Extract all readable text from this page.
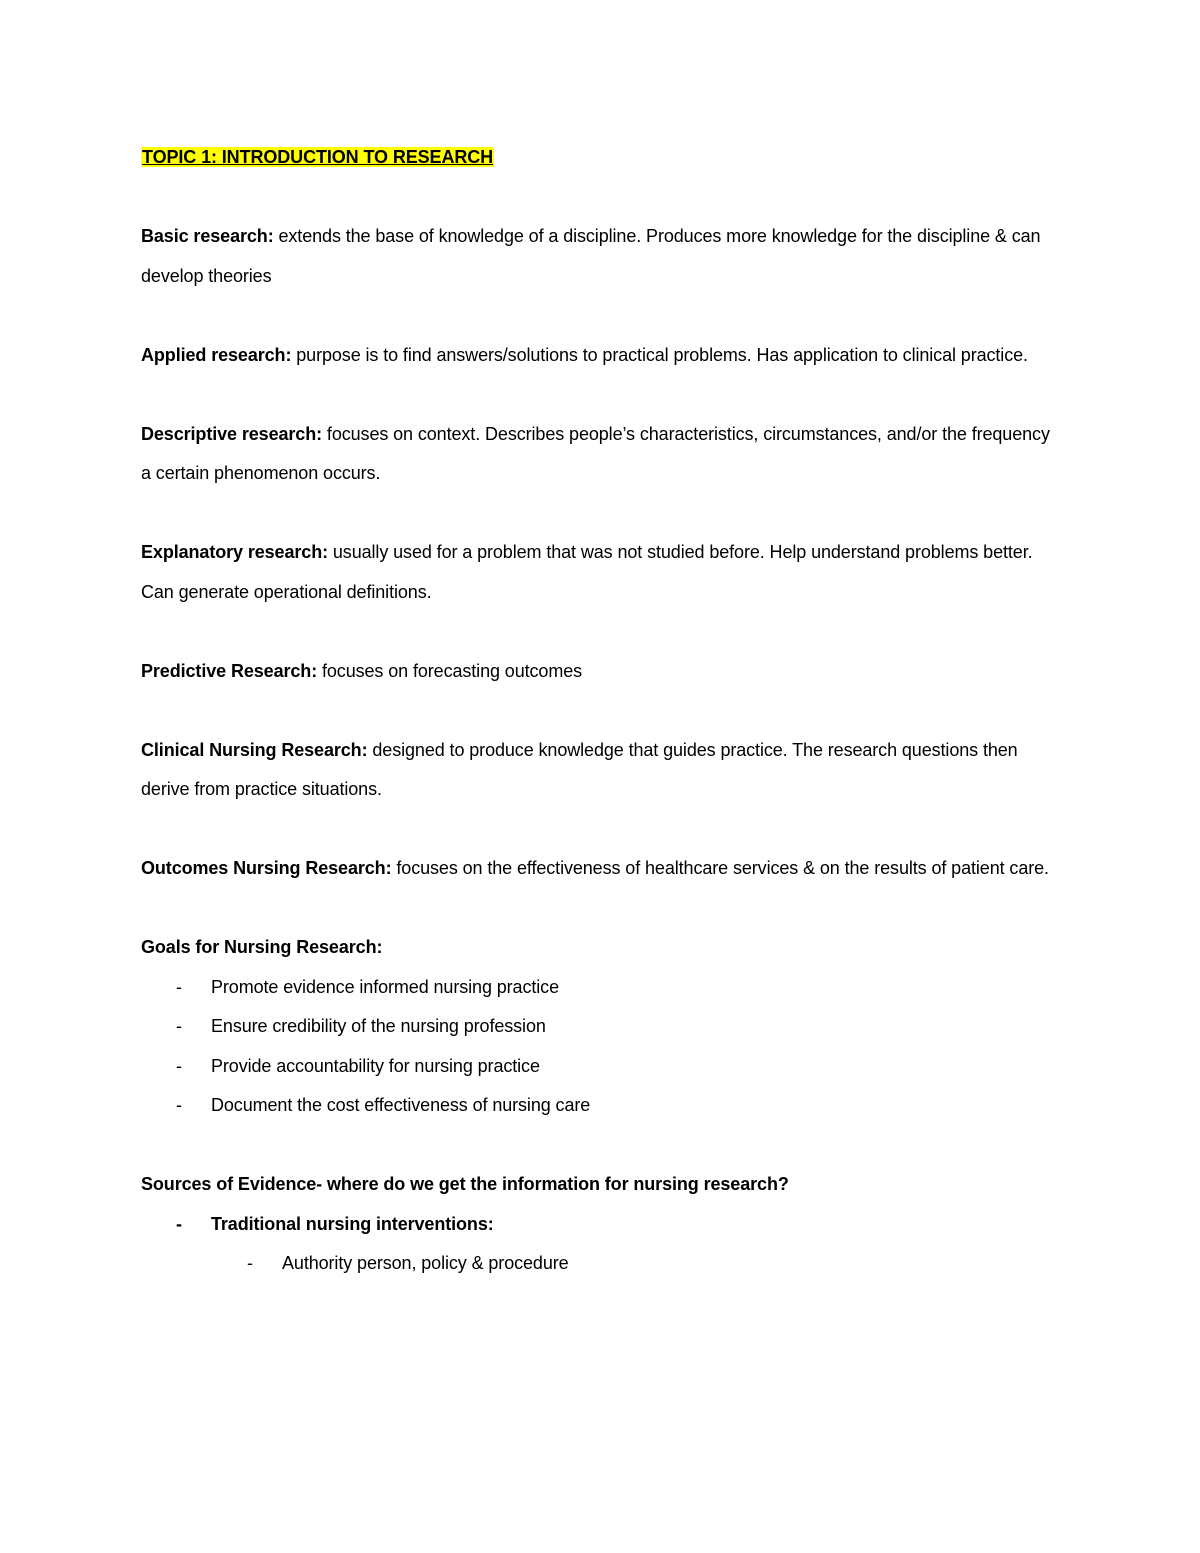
TOPIC 1: INTRODUCTION TO RESEARCH

Basic research: extends the base of knowledge of a discipline. Produces more knowledge for the discipline & can develop theories

Applied research: purpose is to find answers/solutions to practical problems. Has application to clinical practice.

Descriptive research: focuses on context. Describes people’s characteristics, circumstances, and/or the frequency a certain phenomenon occurs.

Explanatory research: usually used for a problem that was not studied before. Help understand problems better. Can generate operational definitions.

Predictive Research: focuses on forecasting outcomes

Clinical Nursing Research: designed to produce knowledge that guides practice. The research questions then derive from practice situations.

Outcomes Nursing Research: focuses on the effectiveness of healthcare services & on the results of patient care.

Goals for Nursing Research:

- Promote evidence informed nursing practice
- Ensure credibility of the nursing profession
- Provide accountability for nursing practice
- Document the cost effectiveness of nursing care

Sources of Evidence- where do we get the information for nursing research?

- Traditional nursing interventions:
- Authority person, policy & procedure
